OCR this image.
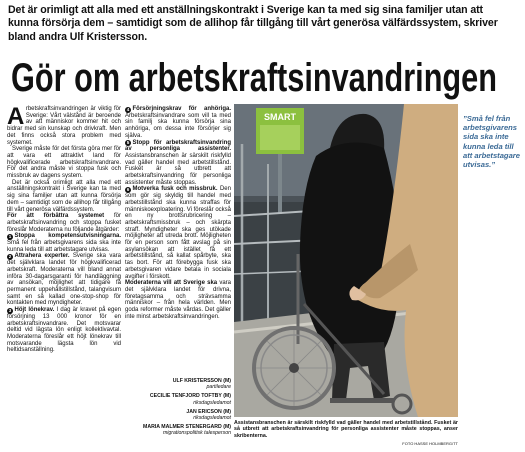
Det är orimligt att alla med ett anställningskontrakt i Sverige kan ta med sig sina familjer utan att kunna försörja dem – samtidigt som de allihop får tillgång till vårt generösa välfärdssystem, skriver bland andra Ulf Kristersson.
Gör om arbetskraftsinvandringen

Arbetskraftsinvandringen är viktig för Sverige: Vårt välstånd är beroende av att människor kommer hit och bidrar med sin kunskap och drivkraft. Men det finns också stora problem med systemet.

Sverige måste för det första göra mer för att vara ett attraktivt land för högkvalificerade arbetskraftsinvandrare. För det andra måste vi stoppa fusk och missbruk av dagens system.

Det är också orimligt att alla med ett anställningskontrakt i Sverige kan ta med sig sina familjer utan att kunna försörja dem – samtidigt som de allihop får tillgång till vårt generösa välfärdssystem.

För att förbättra systemet för arbetskraftsinvandring och stoppa fusket föreslår Moderaterna nu följande åtgärder:

1 Stoppa kompetensutvisningarna. Små fel från arbetsgivarens sida ska inte kunna leda till att arbetstagare utvisas.

2 Attrahera experter. Sverige ska vara det självklara landet för högkvalificerad arbetskraft. Moderaterna vill bland annat införa 30-dagarsgaranti för handläggning av ansökan, möjlighet att tidigare få permanent uppehållstillstånd, talangvisum samt en så kallad one-stop-shop för kontakten med myndigheter.

3 Höjt lönekrav. I dag är kravet på egen försörjning 13 000 kronor för en arbetskraftsinvandrare. Det motsvarar deltid vid lägsta lön enligt kollektivavtal. Moderaterna föreslår ett höjt lönekrav till motsvarande lägsta lön vid heltidsanställning.

4 Försörjningskrav för anhöriga. Arbetskraftsinvandrare som vill ta med sin familj ska kunna försörja sina anhöriga, om dessa inte försörjer sig själva.

5 Stopp för arbetskraftsinvandring av personliga assistenter. Assistansbranschen är särskilt riskfylld vad gäller handel med arbetstillstånd. Fusket är så utbrett att arbetskraftsinvandring för personliga assistenter måste stoppas.

6 Motverka fusk och missbruk. Den som gör sig skyldig till handel med arbetstillstånd ska kunna straffas för människoexploatering. Vi föreslår också en ny brottsrubricering – arbetskraftsmissbruk – och skärpta straff. Myndigheter ska ges utökade möjligheter att utreda brott. Möjligheten för en person som fått avslag på sin asylansökan att istället få ett arbetstillstånd, så kallat spårbyte, ska tas bort. För att förebygga fusk ska arbetsgivaren vidare betala in sociala avgifter i förskott.

Moderaterna vill att Sverige ska vara det självklara landet för drivna, företagsamma och strävsamma människor – från hela världen. Men goda reformer måste vårdas. Det gäller inte minst arbetskraftsinvandringen.

ULF KRISTERSSON (M)
partiledare
CECILIE TENFJORD TOFTBY (M)
riksdagsledamot
JAN ERICSON (M)
riksdagsledamot
MARIA MALMER STENERGARD (M)
migrationspolitisk talesperson
SMART
Assistansbranschen är särskilt riskfylld vad gäller handel med arbetstillstånd. Fusket är så utbrett att arbetskraftsinvandring för personliga assistenter måste stoppas, anser skribenterna.
FOTO HASSE HOLMBERG/TT
”Små fel från arbetsgivarens sida ska inte kunna leda till att arbetstagare utvisas.”
